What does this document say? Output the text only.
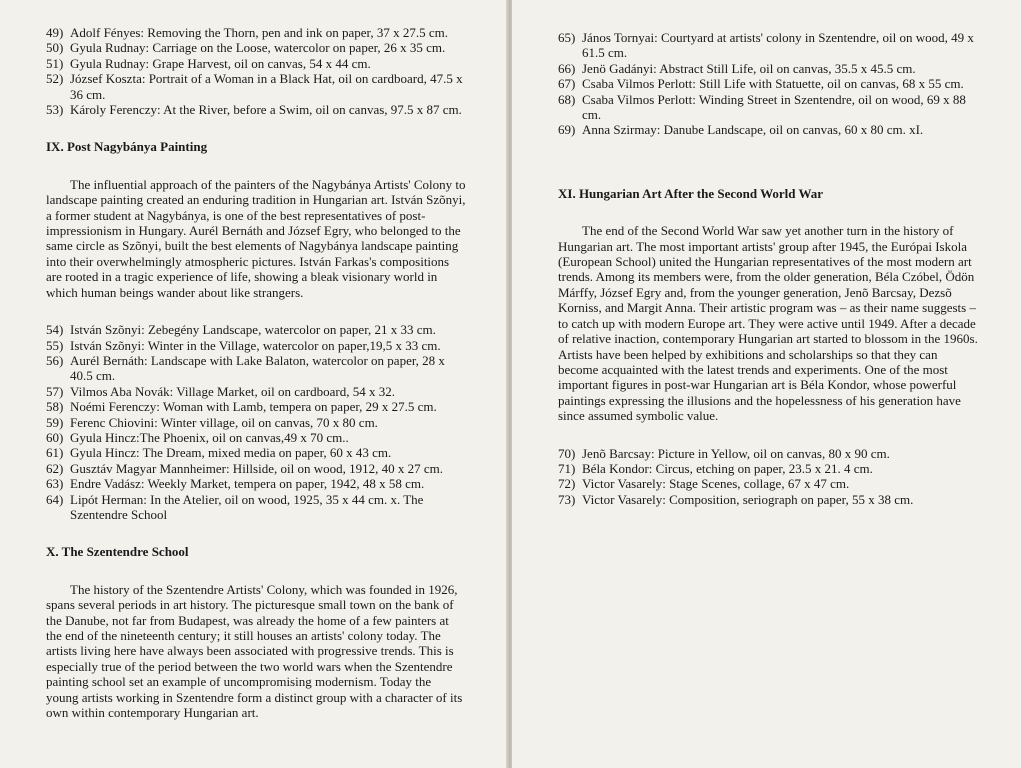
49) Adolf Fényes: Removing the Thorn, pen and ink on paper, 37 x 27.5 cm.
50) Gyula Rudnay: Carriage on the Loose, watercolor on paper, 26 x 35 cm.
51) Gyula Rudnay: Grape Harvest, oil on canvas, 54 x 44 cm.
52) József Koszta: Portrait of a Woman in a Black Hat, oil on cardboard, 47.5 x 36 cm.
53) Károly Ferenczy: At the River, before a Swim, oil on canvas, 97.5 x 87 cm.
IX. Post Nagybánya Painting

The influential approach of the painters of the Nagybánya Artists' Colony to landscape painting created an enduring tradition in Hungarian art. István Szõnyi, a former student at Nagybánya, is one of the best representatives of post-impressionism in Hungary. Aurél Bernáth and József Egry, who belonged to the same circle as Szõnyi, built the best elements of Nagybánya landscape painting into their overwhelmingly atmospheric pictures. István Farkas's compositions are rooted in a tragic experience of life, showing a bleak visionary world in which human beings wander about like strangers.

54) István Szõnyi: Zebegény Landscape, watercolor on paper, 21 x 33 cm.
55) István Szõnyi: Winter in the Village, watercolor on paper,19,5 x 33 cm.
56) Aurél Bernáth: Landscape with Lake Balaton, watercolor on paper, 28 x 40.5 cm.
57) Vilmos Aba Novák: Village Market, oil on cardboard, 54 x 32.
58) Noémi Ferenczy: Woman with Lamb, tempera on paper, 29 x 27.5 cm.
59) Ferenc Chiovini: Winter village, oil on canvas, 70 x 80 cm.
60) Gyula Hincz:The Phoenix, oil on canvas,49 x 70 cm..
61) Gyula Hincz: The Dream, mixed media on paper, 60 x 43 cm.
62) Gusztáv Magyar Mannheimer: Hillside, oil on wood, 1912, 40 x 27 cm.
63) Endre Vadász: Weekly Market, tempera on paper, 1942, 48 x 58 cm.
64) Lipót Herman: In the Atelier, oil on wood, 1925, 35 x 44 cm. x. The Szentendre School
X. The Szentendre School

The history of the Szentendre Artists' Colony, which was founded in 1926, spans several periods in art history. The picturesque small town on the bank of the Danube, not far from Budapest, was already the home of a few painters at the end of the nineteenth century; it still houses an artists' colony today. The artists living here have always been associated with progressive trends. This is especially true of the period between the two world wars when the Szentendre painting school set an example of uncompromising modernism. Today the young artists working in Szentendre form a distinct group with a character of its own within contemporary Hungarian art.

65) János Tornyai: Courtyard at artists' colony in Szentendre, oil on wood, 49 x 61.5 cm.
66) Jenö Gadányi: Abstract Still Life, oil on canvas, 35.5 x 45.5 cm.
67) Csaba Vilmos Perlott: Still Life with Statuette, oil on canvas, 68 x 55 cm.
68) Csaba Vilmos Perlott: Winding Street in Szentendre, oil on wood, 69 x 88 cm.
69) Anna Szirmay: Danube Landscape, oil on canvas, 60 x 80 cm. xI.
XI. Hungarian Art After the Second World War

The end of the Second World War saw yet another turn in the history of Hungarian art. The most important artists' group after 1945, the Európai Iskola (European School) united the Hungarian representatives of the most modern art trends. Among its members were, from the older generation, Béla Czóbel, Ödön Márffy, József Egry and, from the younger generation, Jenõ Barcsay, Dezsõ Korniss, and Margit Anna. Their artistic program was – as their name suggests – to catch up with modern Europe art. They were active until 1949. After a decade of relative inaction, contemporary Hungarian art started to blossom in the 1960s. Artists have been helped by exhibitions and scholarships so that they can become acquainted with the latest trends and experiments. One of the most important figures in post-war Hungarian art is Béla Kondor, whose powerful paintings expressing the illusions and the hopelessness of his generation have since assumed symbolic value.

70) Jenõ Barcsay: Picture in Yellow, oil on canvas, 80 x 90 cm.
71) Béla Kondor: Circus, etching on paper, 23.5 x 21. 4 cm.
72) Victor Vasarely: Stage Scenes, collage, 67 x 47 cm.
73) Victor Vasarely: Composition, seriograph on paper, 55 x 38 cm.
